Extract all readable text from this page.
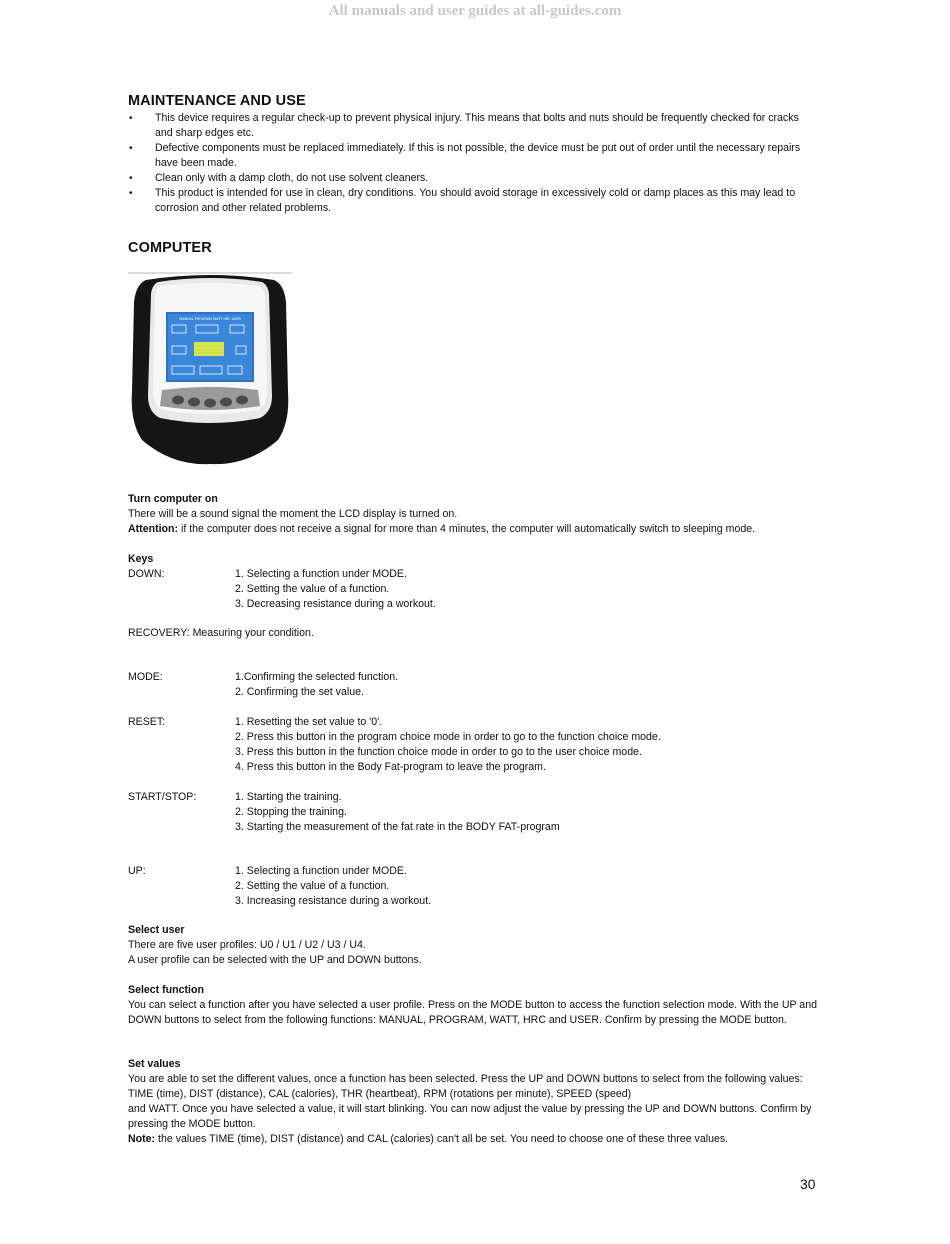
All manuals and user guides at all-guides.com
MAINTENANCE AND USE
• This device requires a regular check-up to prevent physical injury. This means that bolts and nuts should be frequently checked for cracks and sharp edges etc.
• Defective components must be replaced immediately. If this is not possible, the device must be put out of order until the necessary repairs have been made.
• Clean only with a damp cloth, do not use solvent cleaners.
• This product is intended for use in clean, dry conditions. You should avoid storage in excessively cold or damp places as this may lead to corrosion and other related problems.
COMPUTER
MANUAL PROGRAM WATT HRC USER
Turn computer on
There will be a sound signal the moment the LCD display is turned on.
Attention: if the computer does not receive a signal for more than 4 minutes, the computer will automatically switch to sleeping mode.
Keys
DOWN:	1. Selecting a function under MODE.
2. Setting the value of a function.
3. Decreasing resistance during a workout.
RECOVERY: Measuring your condition.
MODE:	1.Confirming the selected function.
2. Confirming the set value.
RESET:	1. Resetting the set value to '0'.
2. Press this button in the program choice mode in order to go to the function choice mode.
3. Press this button in the function choice mode in order to go to the user choice mode.
4. Press this button in the Body Fat-program to leave the program.
START/STOP:	1. Starting the training.
2. Stopping the training.
3. Starting the measurement of the fat rate in the BODY FAT-program
UP:	1. Selecting a function under MODE.
2. Setting the value of a function.
3. Increasing resistance during a workout.
Select user
There are five user profiles: U0 / U1 / U2 / U3 / U4.
A user profile can be selected with the UP and DOWN buttons.
Select function
You can select a function after you have selected a user profile. Press on the MODE button to access the function selection mode. With the UP and DOWN buttons to select from the following functions: MANUAL, PROGRAM, WATT, HRC and USER. Confirm by pressing the MODE button.
Set values
You are able to set the different values, once a function has been selected. Press the UP and DOWN buttons to select from the following values: TIME (time), DIST (distance), CAL (calories), THR (heartbeat), RPM (rotations per minute), SPEED (speed)
and WATT. Once you have selected a value, it will start blinking. You can now adjust the value by pressing the UP and DOWN buttons. Confirm by pressing the MODE button.
Note: the values TIME (time), DIST (distance) and CAL (calories) can't all be set. You need to choose one of these three values.
30
